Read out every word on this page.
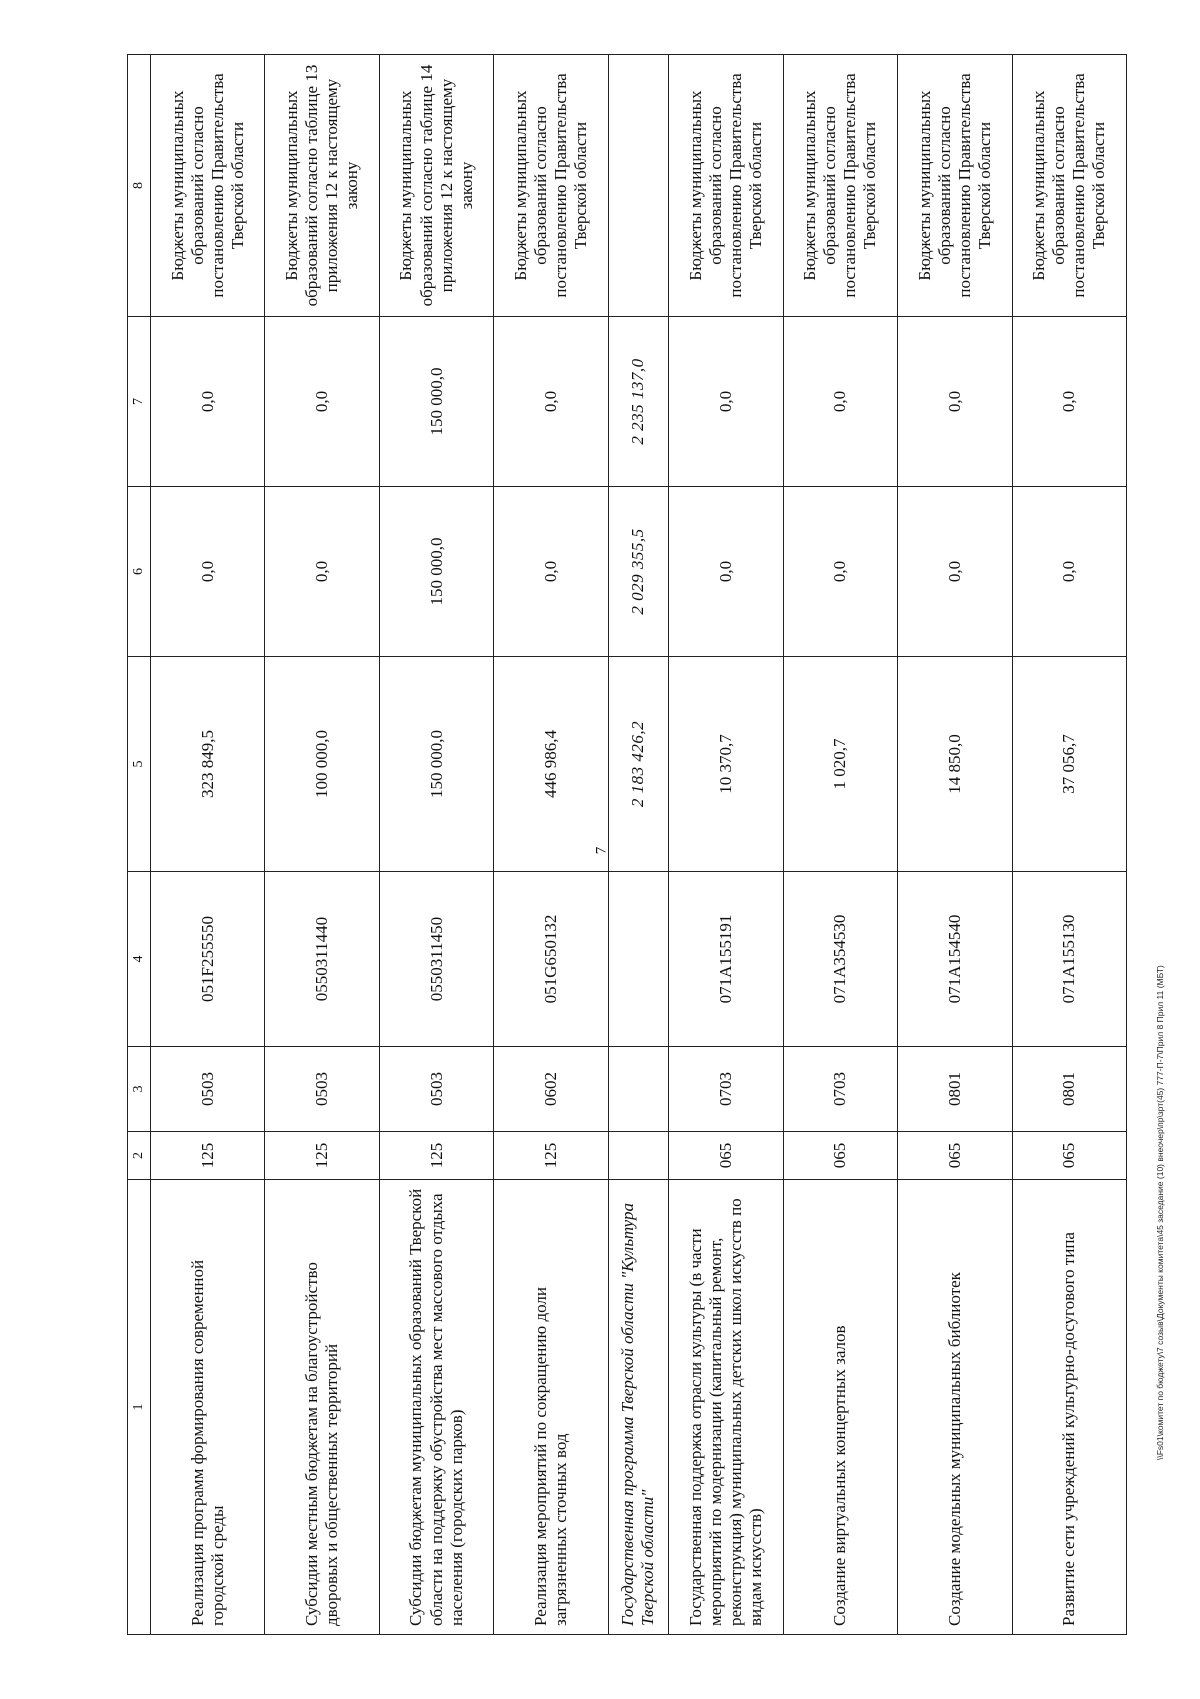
7
1	2	3	4	5	6	7	8
Реализация программ формирования современной городской среды	125	0503	051F255550	323 849,5	0,0	0,0	Бюджеты муниципальных образований согласно постановлению Правительства Тверской области
Субсидии местным бюджетам на благоустройство дворовых и общественных территорий	125	0503	0550311440	100 000,0	0,0	0,0	Бюджеты муниципальных образований согласно таблице 13 приложения 12 к настоящему закону
Субсидии бюджетам муниципальных образований Тверской области на поддержку обустройства мест массового отдыха населения (городских парков)	125	0503	0550311450	150 000,0	150 000,0	150 000,0	Бюджеты муниципальных образований согласно таблице 14 приложения 12 к настоящему закону
Реализация мероприятий по сокращению доли загрязненных сточных вод	125	0602	051G650132	446 986,4	0,0	0,0	Бюджеты муниципальных образований согласно постановлению Правительства Тверской области
Государственная программа Тверской области "Культура Тверской области"				2 183 426,2	2 029 355,5	2 235 137,0	
Государственная поддержка отрасли культуры (в части мероприятий по модернизации (капитальный ремонт, реконструкция) муниципальных детских школ искусств по видам искусств)	065	0703	071A155191	10 370,7	0,0	0,0	Бюджеты муниципальных образований согласно постановлению Правительства Тверской области
Создание виртуальных концертных залов	065	0703	071A354530	1 020,7	0,0	0,0	Бюджеты муниципальных образований согласно постановлению Правительства Тверской области
Создание модельных муниципальных библиотек	065	0801	071A154540	14 850,0	0,0	0,0	Бюджеты муниципальных образований согласно постановлению Правительства Тверской области
Развитие сети учреждений культурно-досугового типа	065	0801	071A155130	37 056,7	0,0	0,0	Бюджеты муниципальных образований согласно постановлению Правительства Тверской области
\\Fs01\комитет по бюджету\7 созыв\Документы комитета\45 заседание (10) внеочер\пр\зрт(45) 777-П-7\Прил 8 Прил 11 (МБТ)
